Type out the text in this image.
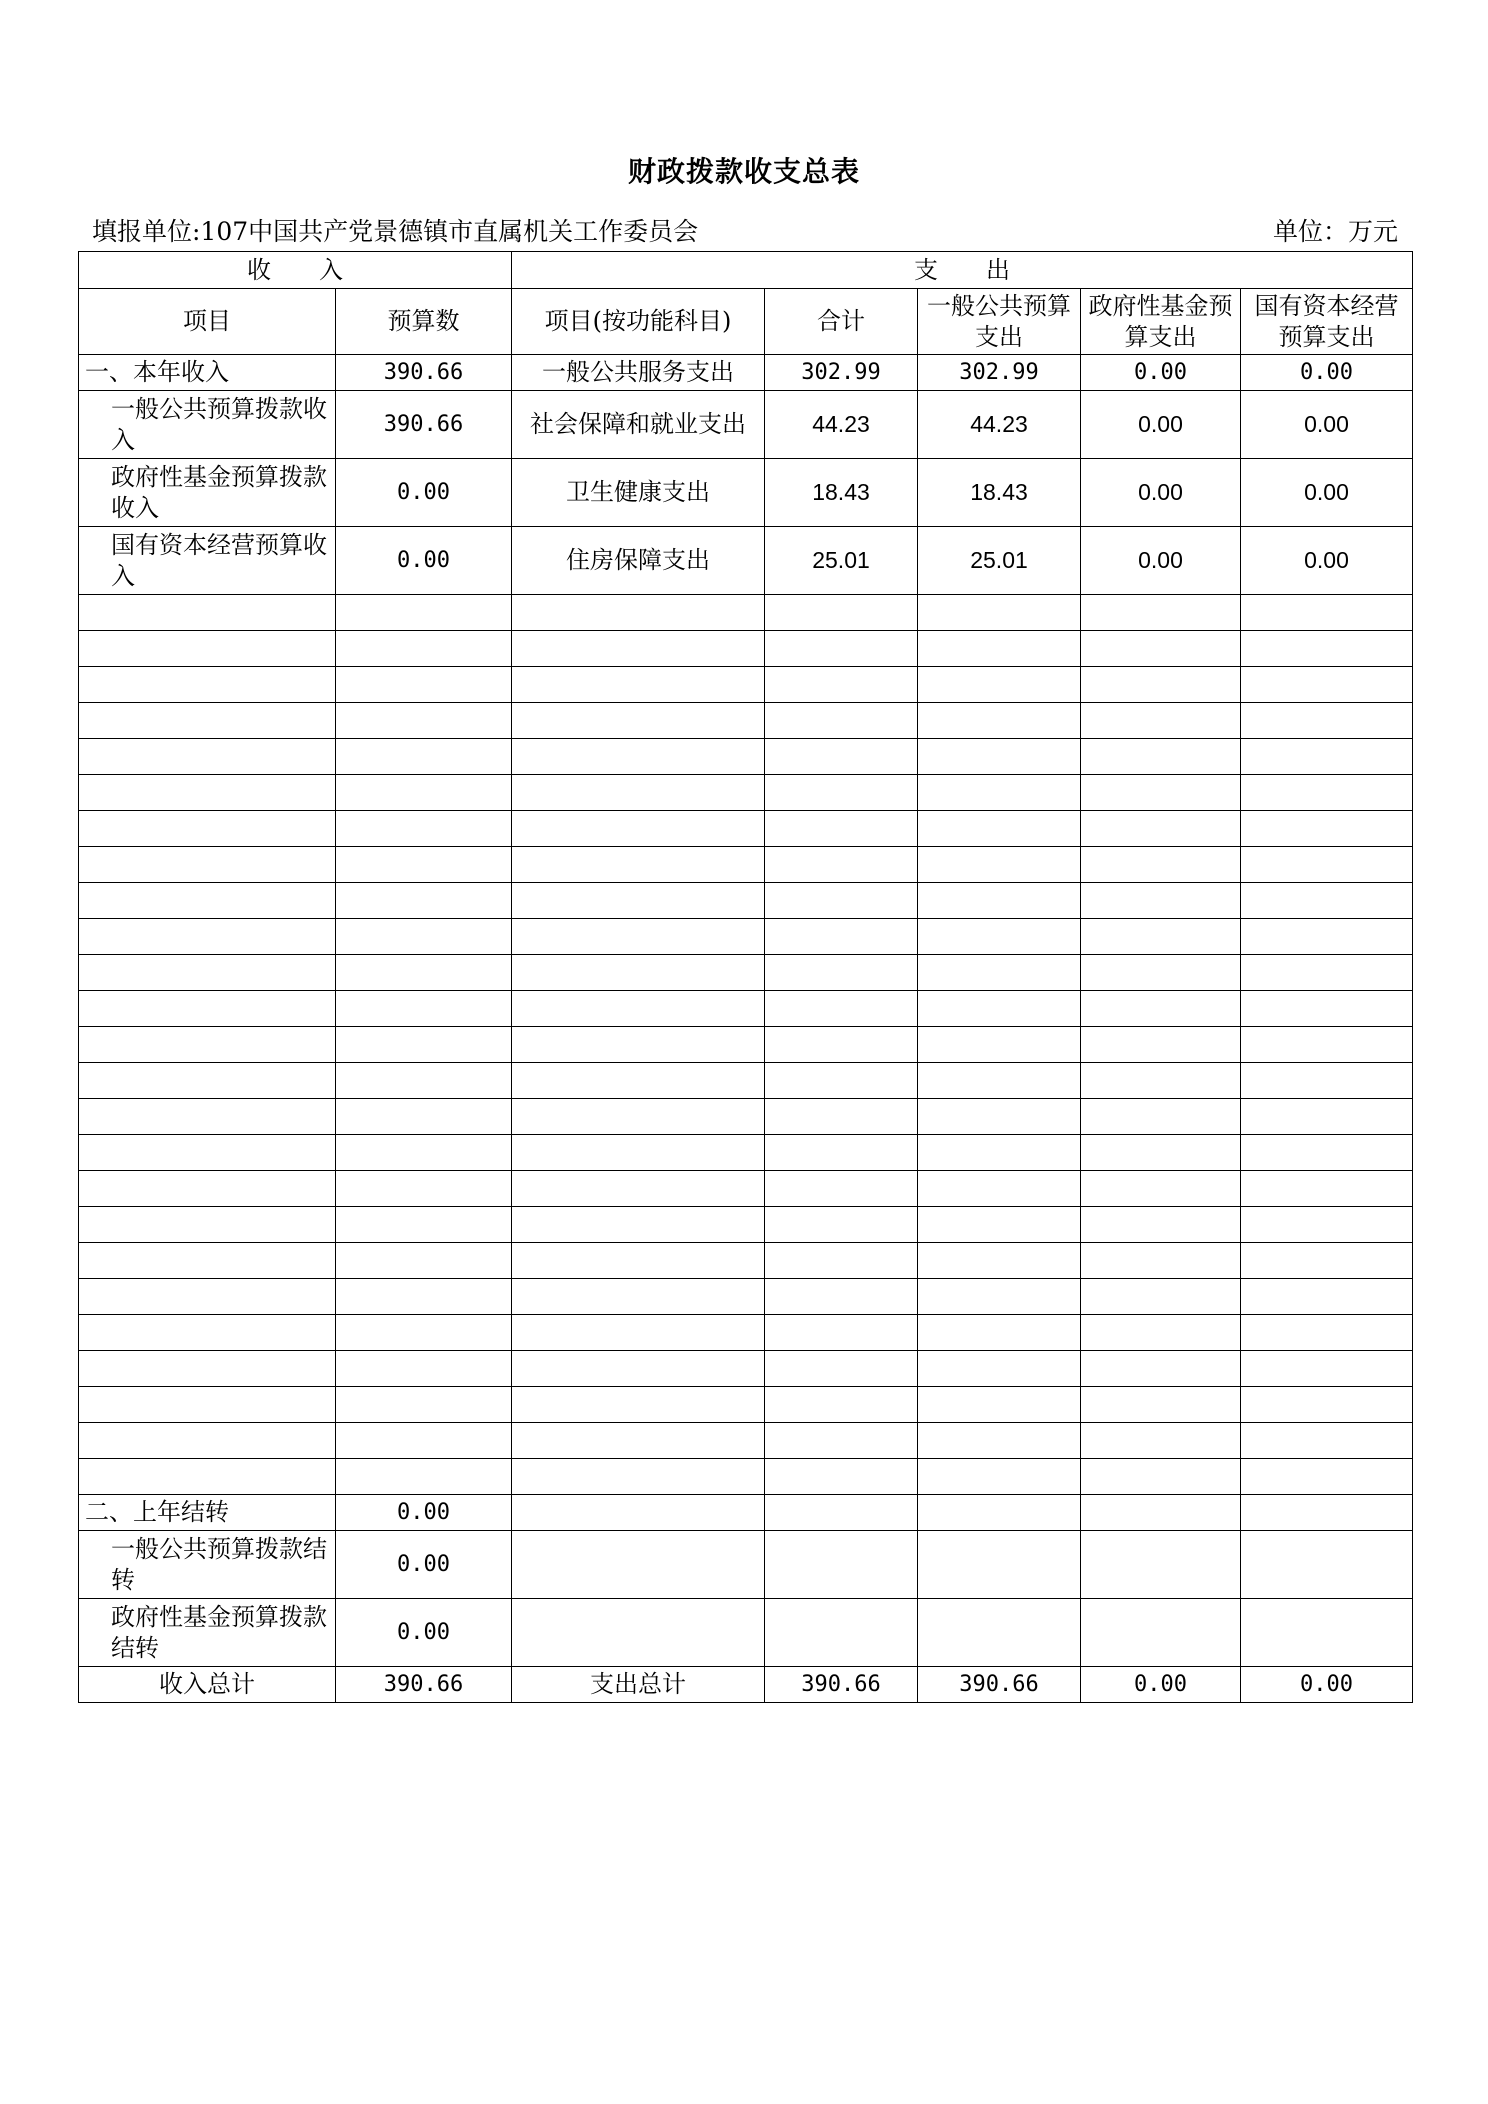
财政拨款收支总表
填报单位:107中国共产党景德镇市直属机关工作委员会	单位：万元
收　　入		支　　出				
项目	预算数	项目(按功能科目)	合计	一般公共预算支出	政府性基金预算支出	国有资本经营预算支出
一、本年收入	390.66	一般公共服务支出	302.99	302.99	0.00	0.00
一般公共预算拨款收入	390.66	社会保障和就业支出	44.23	44.23	0.00	0.00
政府性基金预算拨款收入	0.00	卫生健康支出	18.43	18.43	0.00	0.00
国有资本经营预算收入	0.00	住房保障支出	25.01	25.01	0.00	0.00

二、上年结转	0.00					
一般公共预算拨款结转	0.00					
政府性基金预算拨款结转	0.00					
收入总计	390.66	支出总计	390.66	390.66	0.00	0.00
